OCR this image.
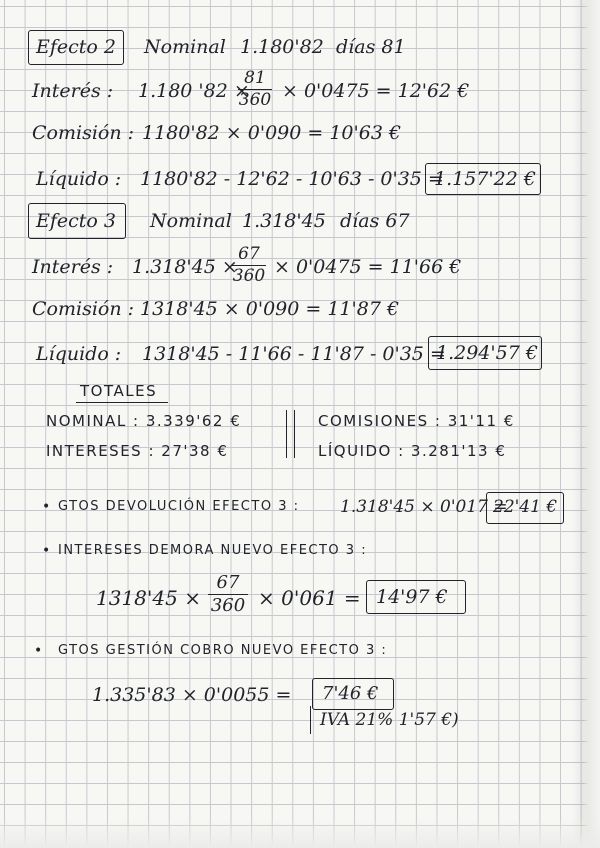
Efecto 2 Nominal 1.180'82 días 81
Interés : 1.180 '82 ×
81
360 × 0'0475 = 12'62 €
Comisión : 1180'82 × 0'090 = 10'63 €
Líquido : 1180'82 - 12'62 - 10'63 - 0'35 =
1.157'22 €
Efecto 3 Nominal 1.318'45 días 67
Interés : 1.318'45 ×
67
360 × 0'0475 = 11'66 €
Comisión : 1318'45 × 0'090 = 11'87 €
Líquido : 1318'45 - 11'66 - 11'87 - 0'35 =
1.294'57 €
TOTALES
NOMINAL : 3.339'62 €
INTERESES : 27'38 €
COMISIONES : 31'11 €
LÍQUIDO : 3.281'13 €
• GTOS DEVOLUCIÓN EFECTO 3 : 1.318'45 × 0'017 =
22'41 €
• INTERESES DEMORA NUEVO EFECTO 3 :
1318'45 ×
67
360 × 0'061 = 14'97 €
• GTOS GESTIÓN COBRO NUEVO EFECTO 3 :
1.335'83 × 0'0055 = 7'46 €
IVA 21% 1'57 €)
